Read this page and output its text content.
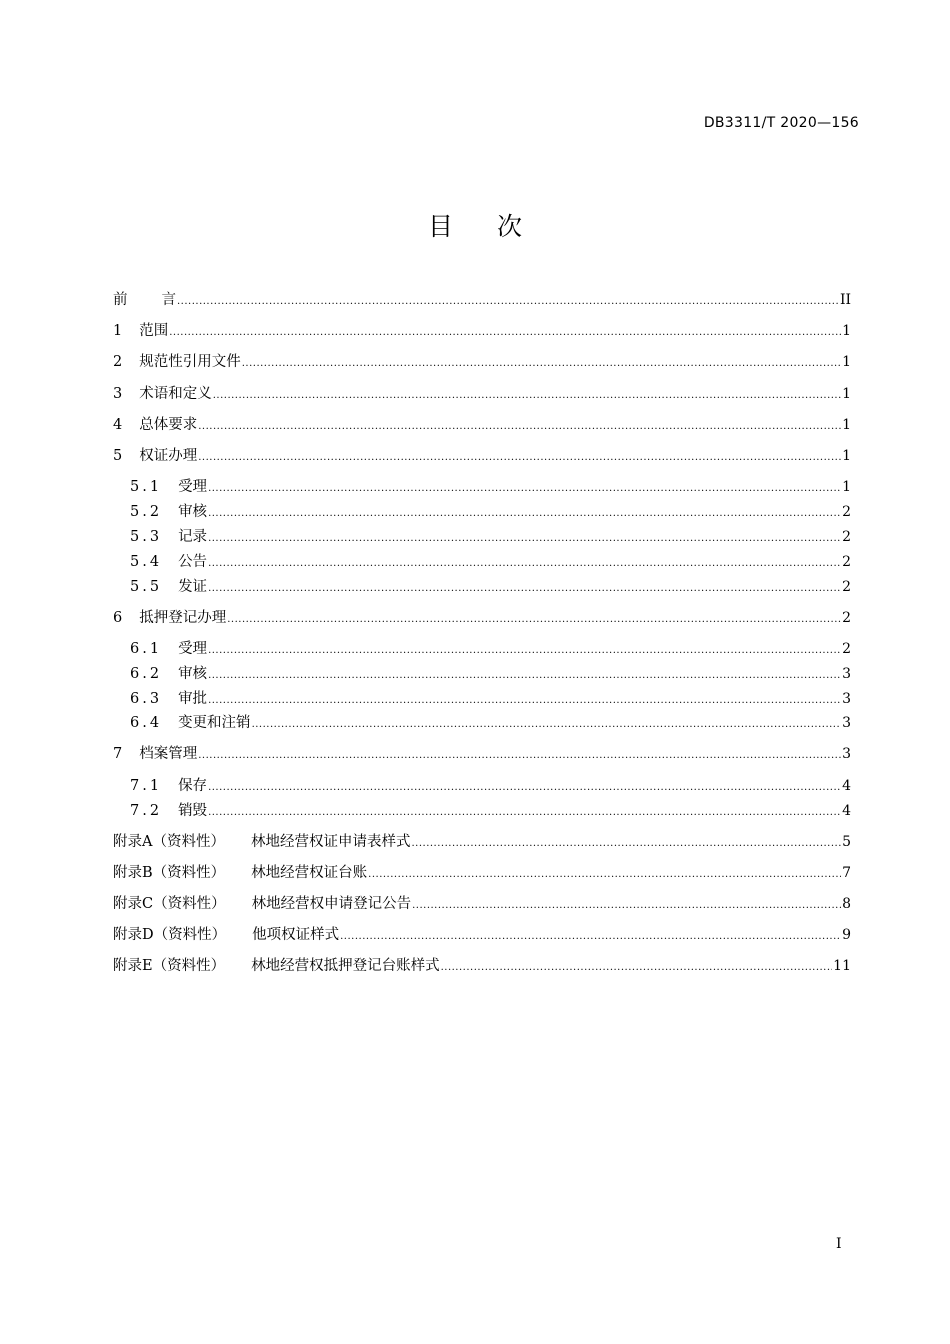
DB3311/T 2020—156
目次
前 言 .....	II
1 范围 .....	1
2 规范性引用文件 .....	1
3 术语和定义 .....	1
4 总体要求 .....	1
5 权证办理 .....	1
5.1 受理 .....	1
5.2 审核 .....	2
5.3 记录 .....	2
5.4 公告 .....	2
5.5 发证 .....	2
6 抵押登记办理 .....	2
6.1 受理 .....	2
6.2 审核 .....	3
6.3 审批 .....	3
6.4 变更和注销 .....	3
7 档案管理 .....	3
7.1 保存 .....	4
7.2 销毁 .....	4
附录A（资料性） 林地经营权证申请表样式 .....	5
附录B（资料性） 林地经营权证台账 .....	7
附录C（资料性） 林地经营权申请登记公告 .....	8
附录D（资料性） 他项权证样式 .....	9
附录E（资料性） 林地经营权抵押登记台账样式 .....	11
I
